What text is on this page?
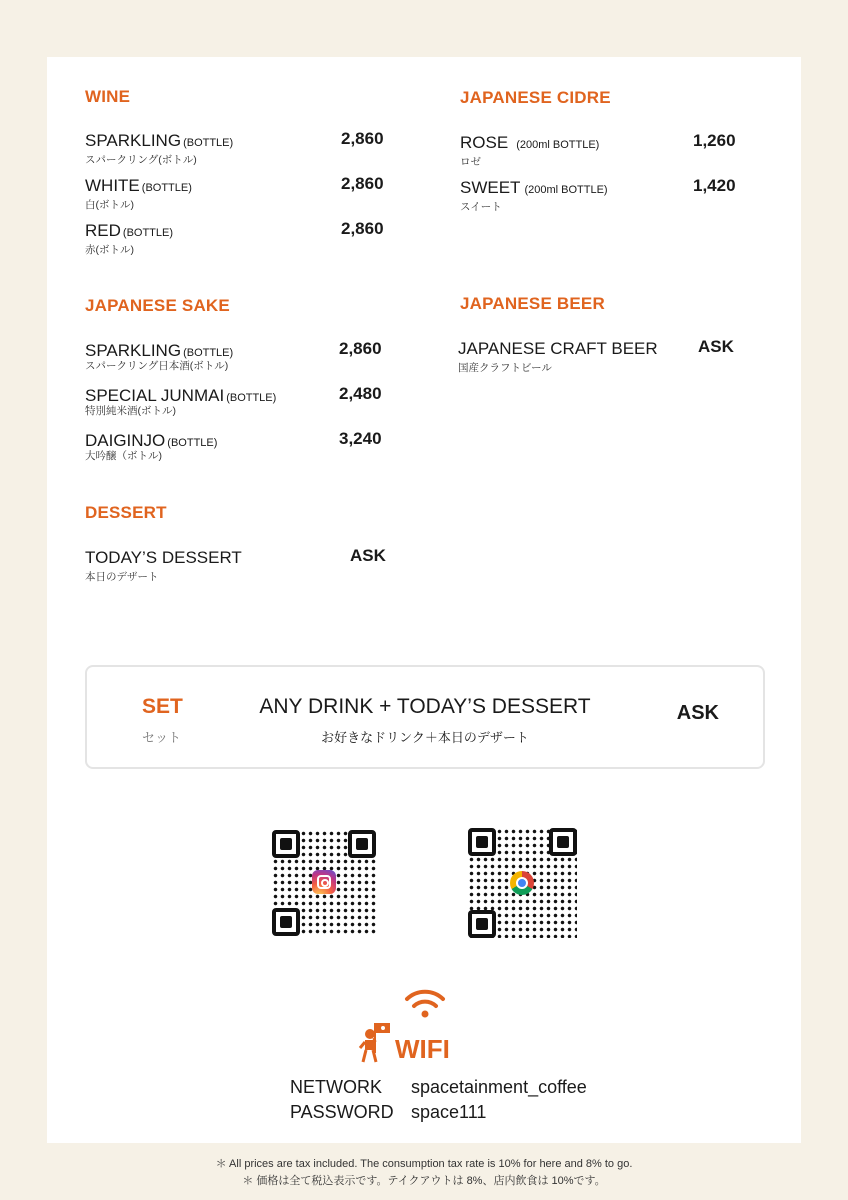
WINE
SPARKLING (BOTTLE)
スパークリング(ボトル)
2,860
WHITE (BOTTLE)
白(ボトル)
2,860
RED (BOTTLE)
赤(ボトル)
2,860
JAPANESE SAKE
SPARKLING (BOTTLE)
スパークリング日本酒(ボトル)
2,860
SPECIAL JUNMAI (BOTTLE)
特別純米酒(ボトル)
2,480
DAIGINJO (BOTTLE)
大吟醸（ボトル)
3,240
DESSERT
TODAY’S DESSERT
本日のデザート
ASK
JAPANESE CIDRE
ROSE (200ml BOTTLE)
ロゼ
1,260
SWEET (200ml BOTTLE)
スイート
1,420
JAPANESE BEER
JAPANESE CRAFT BEER
国産クラフトビール
ASK
SET
セット
ANY DRINK + TODAY’S DESSERT
お好きなドリンク＋本日のデザート
ASK
WIFI
NETWORK spacetainment_coffee
PASSWORD space111
＊ All prices are tax included. The consumption tax rate is 10% for here and 8% to go.
＊ 価格は全て税込表示です。テイクアウトは 8%、店内飲食は 10%です。
